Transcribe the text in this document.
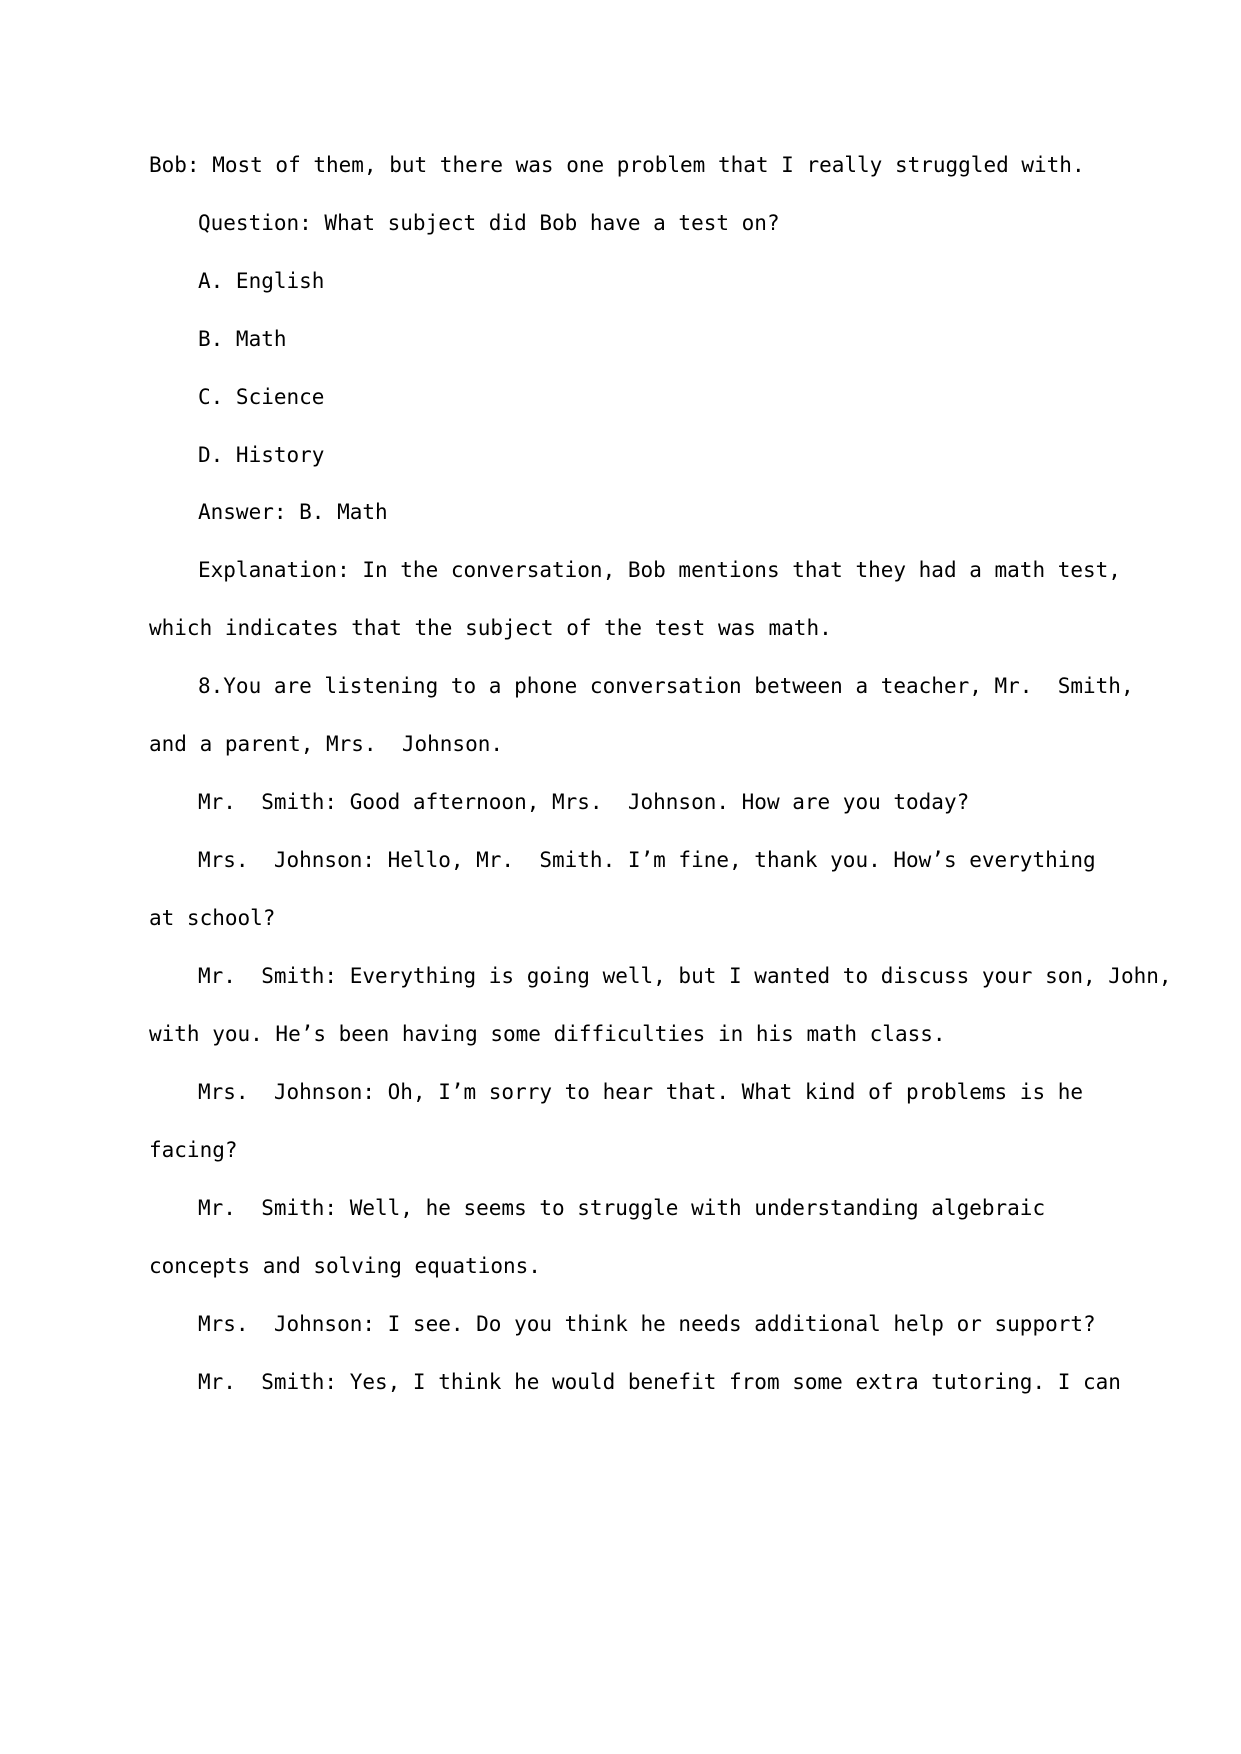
Bob: Most of them, but there was one problem that I really struggled with.
Question: What subject did Bob have a test on?
A. English
B. Math
C. Science
D. History
Answer: B. Math
Explanation: In the conversation, Bob mentions that they had a math test,
which indicates that the subject of the test was math.
8.You are listening to a phone conversation between a teacher, Mr.  Smith,
and a parent, Mrs.  Johnson.
Mr.  Smith: Good afternoon, Mrs.  Johnson. How are you today?
Mrs.  Johnson: Hello, Mr.  Smith. I’m fine, thank you. How’s everything
at school?
Mr.  Smith: Everything is going well, but I wanted to discuss your son, John,
with you. He’s been having some difficulties in his math class.
Mrs.  Johnson: Oh, I’m sorry to hear that. What kind of problems is he
facing?
Mr.  Smith: Well, he seems to struggle with understanding algebraic
concepts and solving equations.
Mrs.  Johnson: I see. Do you think he needs additional help or support?
Mr.  Smith: Yes, I think he would benefit from some extra tutoring. I can
